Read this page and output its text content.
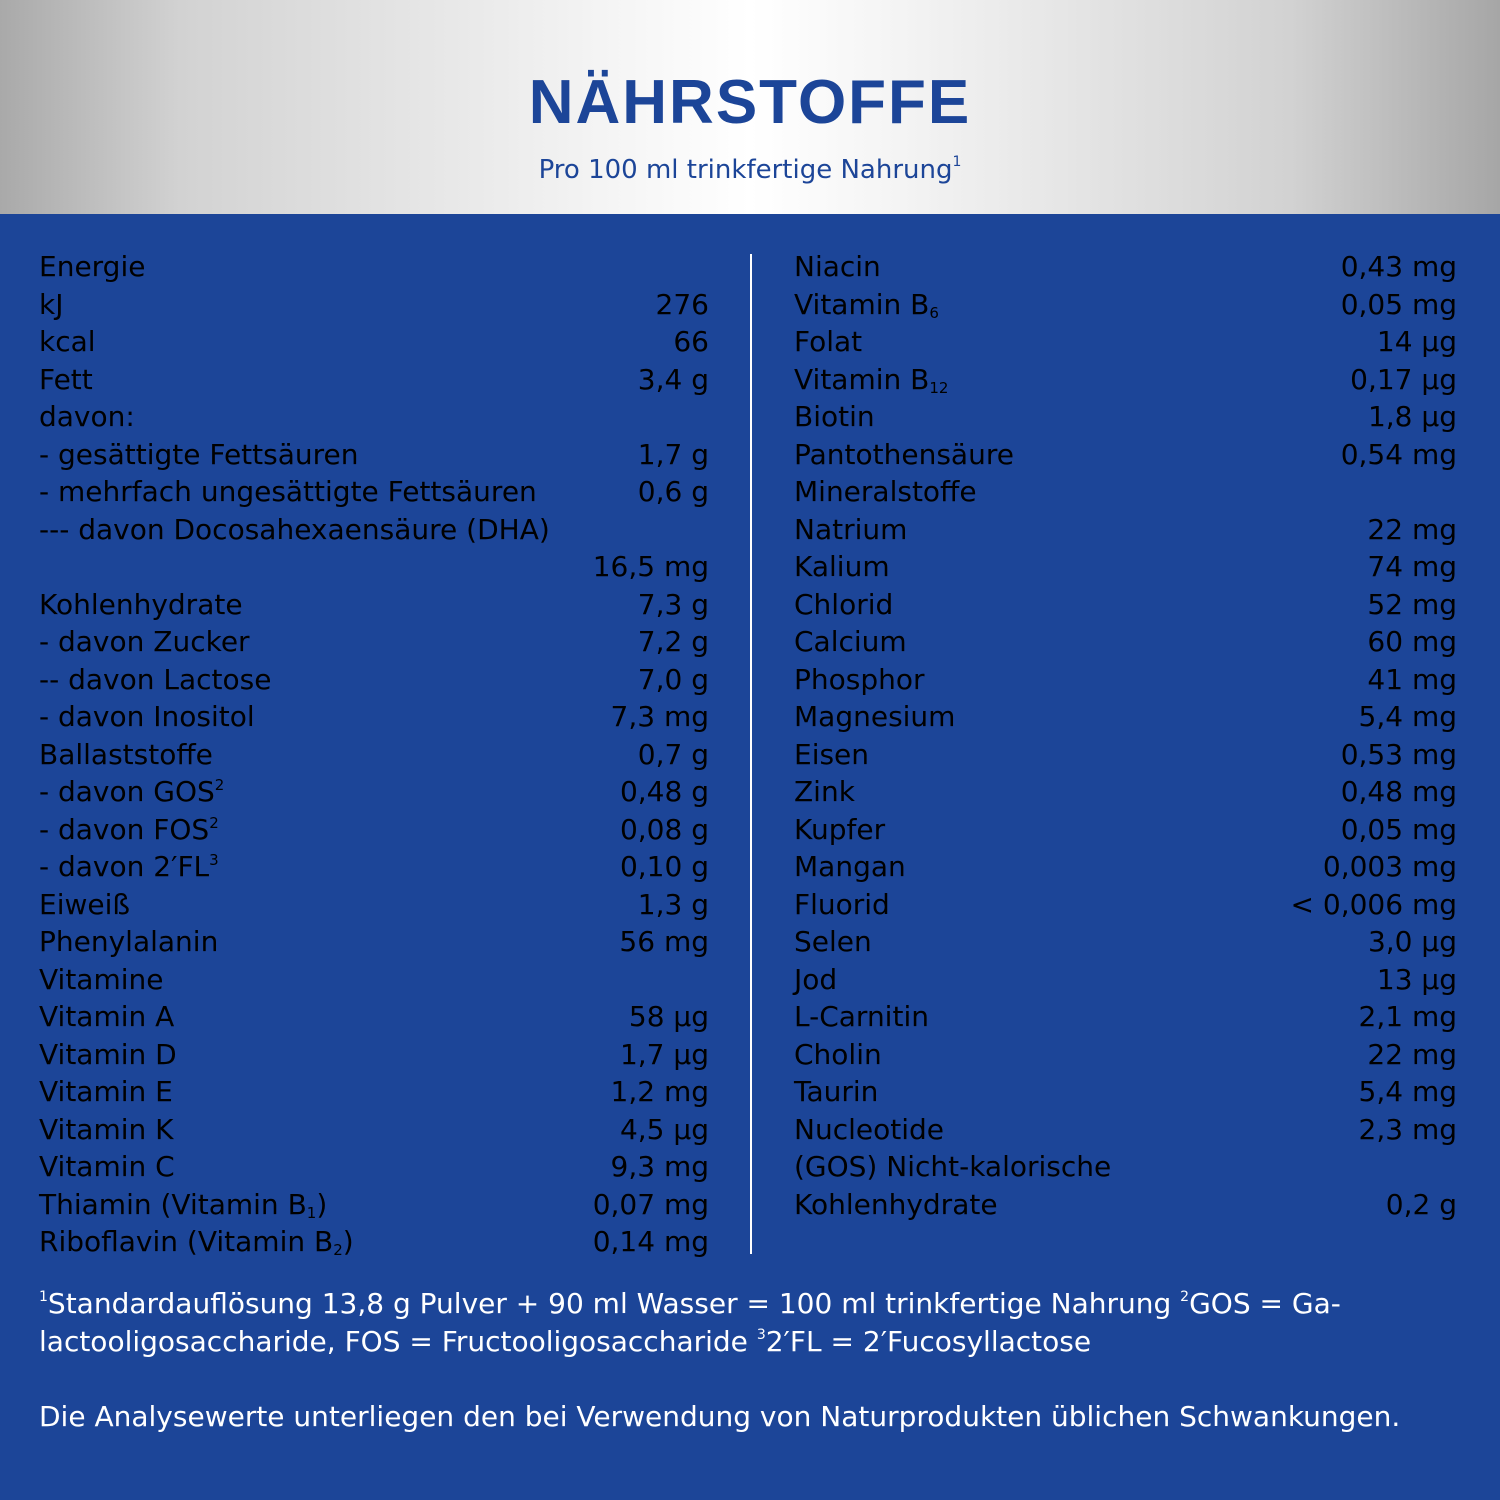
NÄHRSTOFFE
Pro 100 ml trinkfertige Nahrung$^1$
Energie
kJ	276
kcal	66
Fett	3,4 g
davon:
- gesättigte Fettsäuren	1,7 g
- mehrfach ungesättigte Fettsäuren	0,6 g
--- davon Docosahexaensäure (DHA)
16,5 mg
Kohlenhydrate	7,3 g
- davon Zucker	7,2 g
-- davon Lactose	7,0 g
- davon Inositol	7,3 mg
Ballaststoffe	0,7 g
- davon GOS$^2$	0,48 g
- davon FOS$^2$	0,08 g
- davon $2'FL^3$	0,10 g
Eiweiß	1,3 g
Phenylalanin	56 mg
Vitamine
Vitamin A	58 µg
Vitamin D	1,7 µg
Vitamin E	1,2 mg
Vitamin K	4,5 µg
Vitamin C	9,3 mg
Thiamin (Vitamin $B_1$)	0,07 mg
Riboflavin (Vitamin $B_2$)	0,14 mg
Niacin	0,43 mg
Vitamin $B_6$	0,05 mg
Folat	14 µg
Vitamin $B_{12}$	0,17 µg
Biotin	1,8 µg
Pantothensäure	0,54 mg
Mineralstoffe
Natrium	22 mg
Kalium	74 mg
Chlorid	52 mg
Calcium	60 mg
Phosphor	41 mg
Magnesium	5,4 mg
Eisen	0,53 mg
Zink	0,48 mg
Kupfer	0,05 mg
Mangan	0,003 mg
Fluorid	< 0,006 mg
Selen	3,0 µg
Jod	13 µg
L-Carnitin	2,1 mg
Cholin	22 mg
Taurin	5,4 mg
Nucleotide	2,3 mg
(GOS) Nicht-kalorische
Kohlenhydrate	0,2 g
$^1$Standardauflösung 13,8 g Pulver + 90 ml Wasser = 100 ml trinkfertige Nahrung $^2$GOS = Galactooligosaccharide, FOS = Fructooligosaccharide $^3$2′FL = 2′Fucosyllactose
Die Analysewerte unterliegen den bei Verwendung von Naturprodukten üblichen Schwankungen.
